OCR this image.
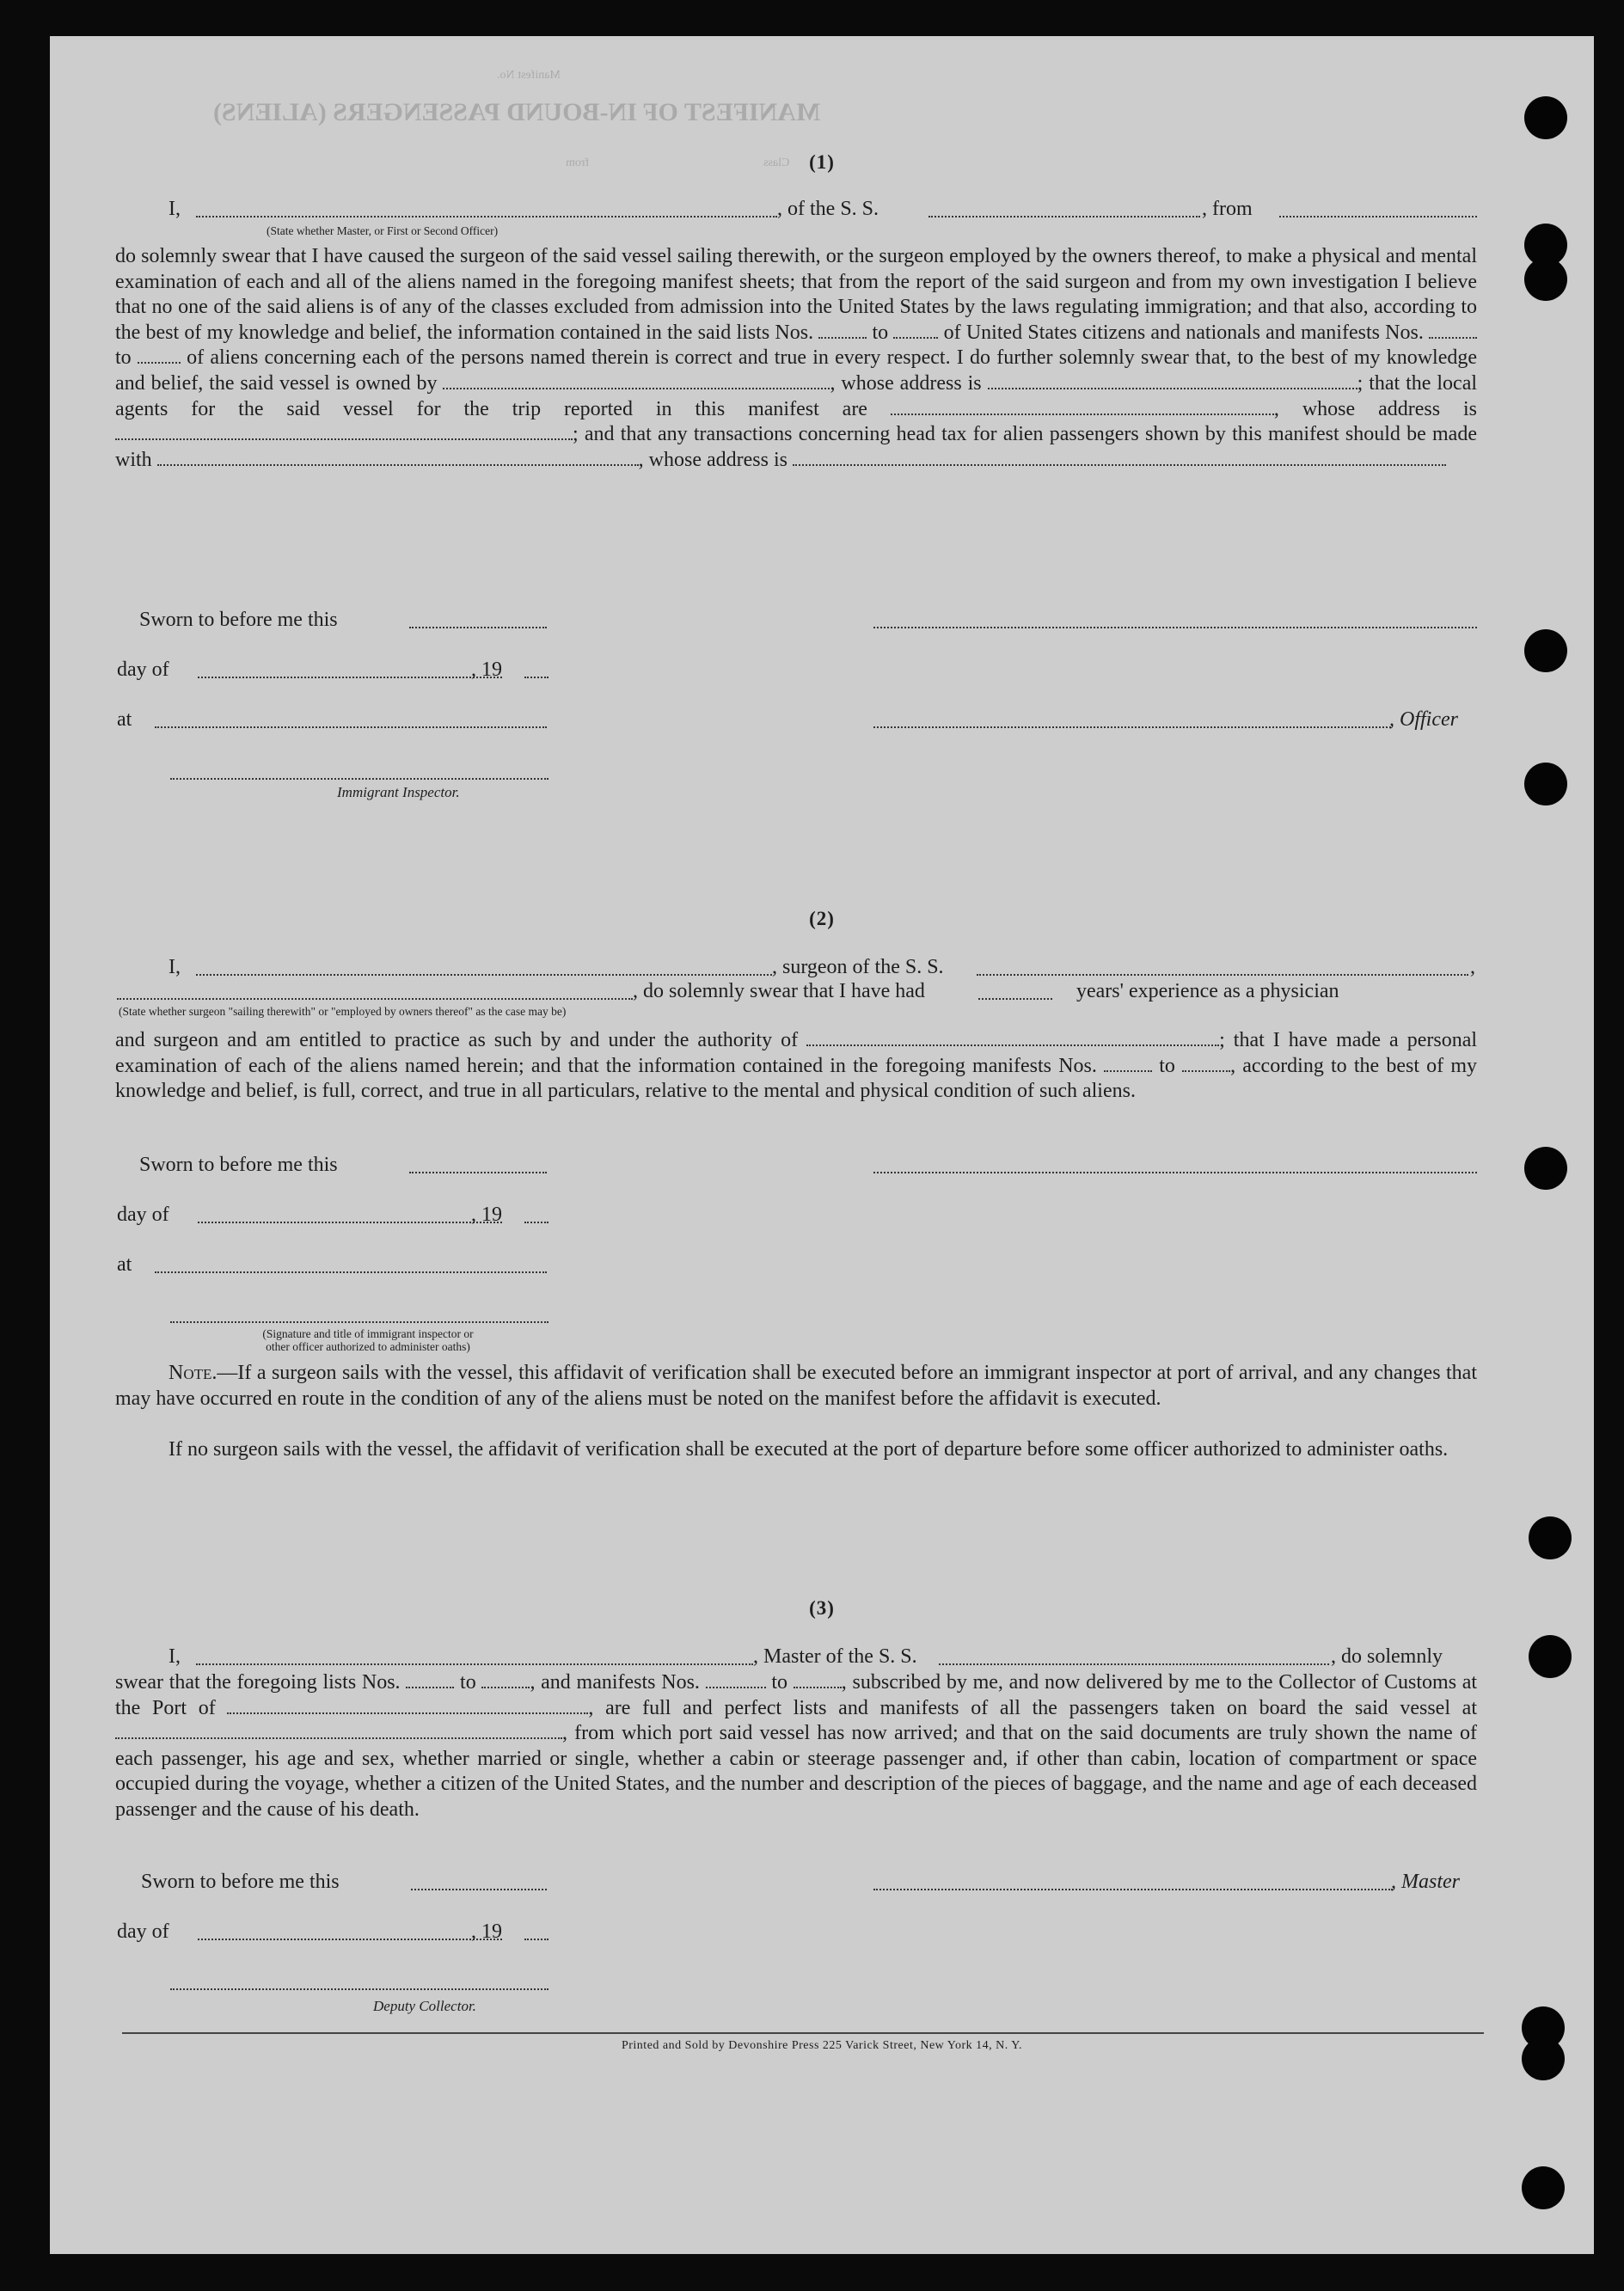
MANIFEST OF IN-BOUND PASSENGERS (ALIENS)
Manifest No.
Class
from	(1)
I,	, of the S. S.	, from
(State whether Master, or First or Second Officer)
do solemnly swear that I have caused the surgeon of the said vessel sailing therewith, or the surgeon employed by the owners thereof, to make a physical and mental examination of each and all of the aliens named in the foregoing manifest sheets; that from the report of the said surgeon and from my own investigation I believe that no one of the said aliens is of any of the classes excluded from admission into the United States by the laws regulating immigration; and that also, according to the best of my knowledge and belief, the information contained in the said lists Nos.	to	of United States citizens and nationals and manifests Nos.  to	of aliens concerning each of the persons named therein is correct and true in every respect. I do further solemnly swear that, to the best of my knowledge and belief, the said vessel is owned by	, whose address is	; that the local agents for the said vessel for the trip reported in this manifest are	, whose address is ; and that any transactions concerning head tax for alien passengers shown by this manifest should be made with	, whose address is
Sworn to before me this
day of	, 19
at	, Officer
Immigrant Inspector.
(2)
I,	, surgeon of the S. S.	,
, do solemnly swear that I have had	years' experience as a physician
(State whether surgeon "sailing therewith" or "employed by owners thereof" as the case may be)
and surgeon and am entitled to practice as such by and under the authority of	; that I have made a personal examination of each of the aliens named herein; and that the information contained in the foregoing manifests Nos.	to	, according to the best of my knowledge and belief, is full, correct, and true in all particulars, relative to the mental and physical condition of such aliens.
Sworn to before me this
day of	, 19
at
(Signature and title of immigrant inspector or
other officer authorized to administer oaths)
Note.—If a surgeon sails with the vessel, this affidavit of verification shall be executed before an immigrant inspector at port of arrival, and any changes that may have occurred en route in the condition of any of the aliens must be noted on the manifest before the affidavit is executed.
If no surgeon sails with the vessel, the affidavit of verification shall be executed at the port of departure before some officer authorized to administer oaths.
(3)
I,	, Master of the S. S.	, do solemnly
swear that the foregoing lists Nos.	to	, and manifests Nos.	to	, subscribed by me, and now delivered by me to the Collector of Customs at the Port of	, are full and perfect lists and manifests of all the passengers taken on board the said vessel at , from which port said vessel has now arrived; and that on the said documents are truly shown the name of each passenger, his age and sex, whether married or single, whether a cabin or steerage passenger and, if other than cabin, location of compartment or space occupied during the voyage, whether a citizen of the United States, and the number and description of the pieces of baggage, and the name and age of each deceased passenger and the cause of his death.
Sworn to before me this	, Master
day of	, 19
Deputy Collector.
Printed and Sold by Devonshire Press 225 Varick Street, New York 14, N. Y.
